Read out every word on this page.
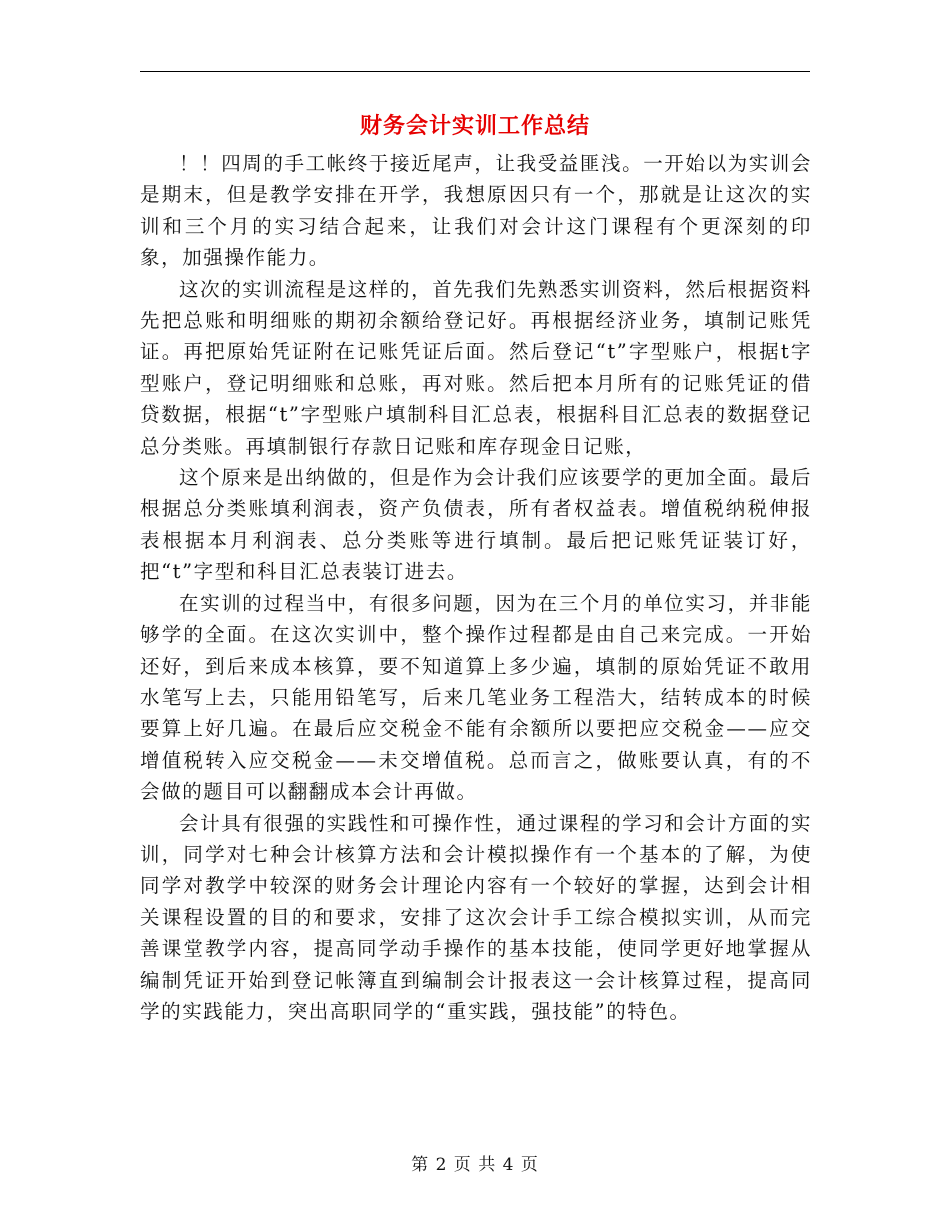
财务会计实训工作总结

！！四周的手工帐终于接近尾声，让我受益匪浅。一开始以为实训会是期末，但是教学安排在开学，我想原因只有一个，那就是让这次的实训和三个月的实习结合起来，让我们对会计这门课程有个更深刻的印象，加强操作能力。

这次的实训流程是这样的，首先我们先熟悉实训资料，然后根据资料先把总账和明细账的期初余额给登记好。再根据经济业务，填制记账凭证。再把原始凭证附在记账凭证后面。然后登记“t”字型账户，根据t字型账户，登记明细账和总账，再对账。然后把本月所有的记账凭证的借贷数据，根据“t”字型账户填制科目汇总表，根据科目汇总表的数据登记总分类账。再填制银行存款日记账和库存现金日记账，

这个原来是出纳做的，但是作为会计我们应该要学的更加全面。最后根据总分类账填利润表，资产负债表，所有者权益表。增值税纳税伸报表根据本月利润表、总分类账等进行填制。最后把记账凭证装订好，把“t”字型和科目汇总表装订进去。

在实训的过程当中，有很多问题，因为在三个月的单位实习，并非能够学的全面。在这次实训中，整个操作过程都是由自己来完成。一开始还好，到后来成本核算，要不知道算上多少遍，填制的原始凭证不敢用水笔写上去，只能用铅笔写，后来几笔业务工程浩大，结转成本的时候要算上好几遍。在最后应交税金不能有余额所以要把应交税金——应交增值税转入应交税金——未交增值税。总而言之，做账要认真，有的不会做的题目可以翻翻成本会计再做。

会计具有很强的实践性和可操作性，通过课程的学习和会计方面的实训，同学对七种会计核算方法和会计模拟操作有一个基本的了解，为使同学对教学中较深的财务会计理论内容有一个较好的掌握，达到会计相关课程设置的目的和要求，安排了这次会计手工综合模拟实训，从而完善课堂教学内容，提高同学动手操作的基本技能，使同学更好地掌握从编制凭证开始到登记帐簿直到编制会计报表这一会计核算过程，提高同学的实践能力，突出高职同学的“重实践，强技能”的特色。

第 2 页 共 4 页
